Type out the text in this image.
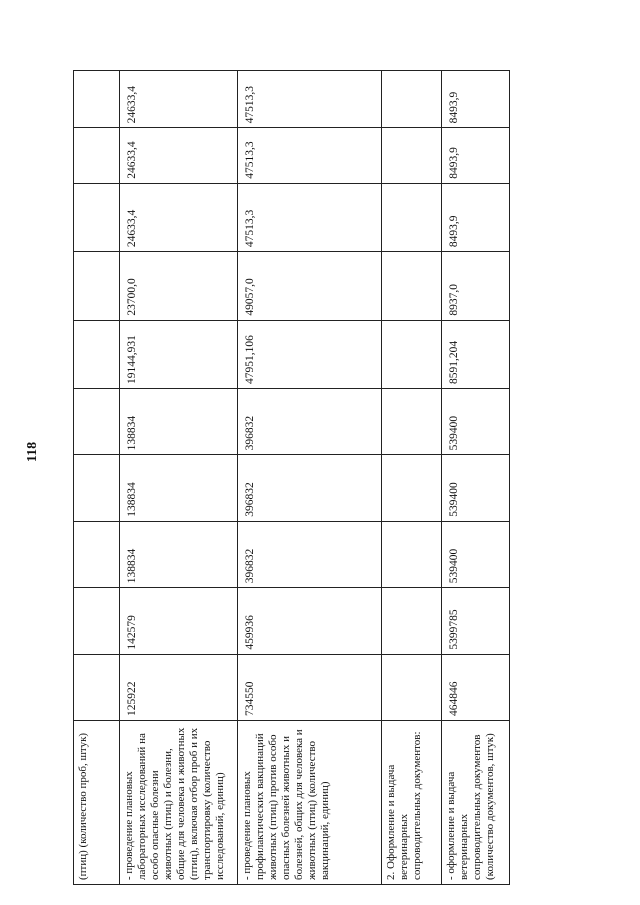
118
(птиц) (количество проб, штук)										
- проведение плановых лабораторных исследований на особо опасные болезни животных (птиц) и болезни, общие для человека и животных (птиц), включая отбор проб и их транспортировку (количество исследований, единиц)	125922	142579	138834	138834	138834	19144,931	23700,0	24633,4	24633,4	24633,4
- проведение плановых профилактических вакцинаций животных (птиц) против особо опасных болезней животных и болезней, общих для человека и животных (птиц) (количество вакцинаций, единиц)	734550	459936	396832	396832	396832	47951,106	49057,0	47513,3	47513,3	47513,3
2. Оформление и выдача ветеринарных сопроводительных документов:										
- оформление и выдача ветеринарных сопроводительных документов (количество документов, штук)	464846	5399785	539400	539400	539400	8591,204	8937,0	8493,9	8493,9	8493,9
